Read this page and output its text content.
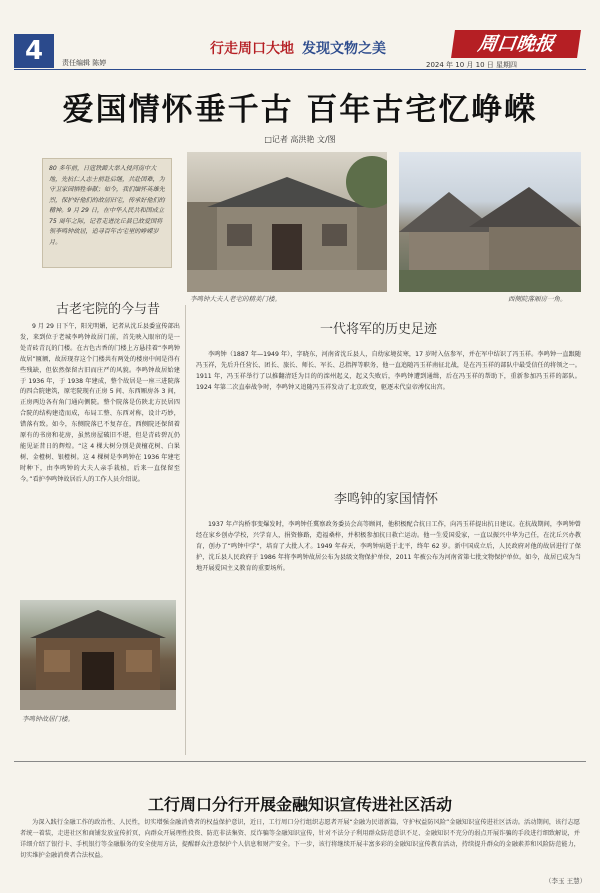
4	责任编辑 陈婷
行走周口大地 发现文物之美	周口晚报
2024 年 10 月 10 日 星期四
爱国情怀垂千古 百年古宅忆峥嵘
□记者 高洪艳 文/图
80 多年前，日寇铁蹄大举入侵河南中大地，先抗仁人志士前赴后继，共赴国难，为守卫家园牺牲奉献；如今，我们缅怀英雄先烈，保护好他们的故居旧宅，传承好他们的精神。9 月 29 日，在中华人民共和国成立 75 周年之际，记者走进沈丘县已故爱国将领李鸣钟故居，追寻百年古宅里的峥嵘岁月。
李鸣钟大夫人老宅的精美门楼。	西侧院落厢房一角。
古老宅院的今与昔
9 月 29 日下午，阳光明媚，记者从沈丘县委宣传部出发，来到位于老城李鸣钟故居门前，首先映入眼帘的是一处青砖青瓦的门楼。在古色古香的门楼上方悬挂着“李鸣钟故居”匾额，故居现存这个门楼共有两处的楼房中间是得有些残缺，但依然保留古旧而庄严的风貌。李鸣钟故居始建于 1936 年，于 1938 年建成，整个故居是一座三进院落的四合院建筑，原宅院现有正房 5 间、东西厢房各 3 间，正房两边各有角门通向侧院。整个院落是仿陕北方民居四合院的结构建造而成，布局工整、东西对称，设计巧妙，错落有致。如今，东侧院落已不复存在，西侧院还保留着原有的书房和花房，虽然房屋破旧不堪，但是青砖碧瓦仍能见证昔日的辉煌。“这 4 棵大树分别是黄檀花树、白果树、金橙树、银橙树。这 4 棵树是李鸣钟在 1936 年建宅时种下，由李鸣钟的大夫人亲手栽植，后来一直保留至今。”看护李鸣钟故居后人的工作人员介绍说。
一代将军的历史足迹
李鸣钟（1887 年—1949 年），字晓东，河南省沈丘县人，自幼家境贫寒，17 岁时入伍参军，并在军中结识了冯玉祥。李鸣钟一直跟随冯玉祥，先后升任营长、团长、旅长、师长、军长、总指挥等职务，他一直追随冯玉祥南征北战，是在冯玉祥的部队中最受信任的将领之一。1911 年，冯玉祥举行了以推翻清廷为目的的滦州起义，起义失败后，李鸣钟遭到通缉，后在冯玉祥的帮助下，重新参加冯玉祥的部队。1924 年第二次直奉战争时，李鸣钟又追随冯玉祥发动了北京政变，驱逐末代皇帝溥仪出宫。
李鸣钟的家国情怀
1937 年卢沟桥事变爆发时，李鸣钟任冀察政务委员会高等顾问，他积极配合抗日工作，向冯玉祥提出抗日建议。在抗战期间，李鸣钟曾经在家乡创办学校，兴学育人，捐资修路，造福桑梓，并积极参加抗日救亡运动。他一生爱国爱家，一直以振兴中华为己任，在沈丘兴办教育，创办了“鸣钟中学”，培育了大批人才。1949 年春天，李鸣钟病逝于北平，终年 62 岁。新中国成立后，人民政府对他的故居进行了保护，沈丘县人民政府于 1986 年将李鸣钟故居公布为县级文物保护单位，2011 年被公布为河南省第七批文物保护单位。如今，故居已成为当地开展爱国主义教育的重要场所。
李鸣钟故居门楼。
工行周口分行开展金融知识宣传进社区活动
为深入践行金融工作的政治性、人民性，切实增强金融消费者的权益保护意识，近日，工行周口分行组织志愿者开展“金融为民谱新篇，守护权益防风险”金融知识宣传进社区活动。活动期间，该行志愿者统一着装，走进社区和商铺发放宣传折页，向群众开展理性投资、防范非法集资、反诈骗等金融知识宣传，针对不法分子利用群众防范意识不足、金融知识不充分的弱点开展诈骗的手段进行细致解说，并详细介绍了银行卡、手机银行等金融服务的安全使用方法，提醒群众注意保护个人信息和财产安全。下一步，该行将继续开展丰富多彩的金融知识宣传教育活动，持续提升群众的金融素养和风险防范能力，切实维护金融消费者合法权益。
（李玉 王慧）
